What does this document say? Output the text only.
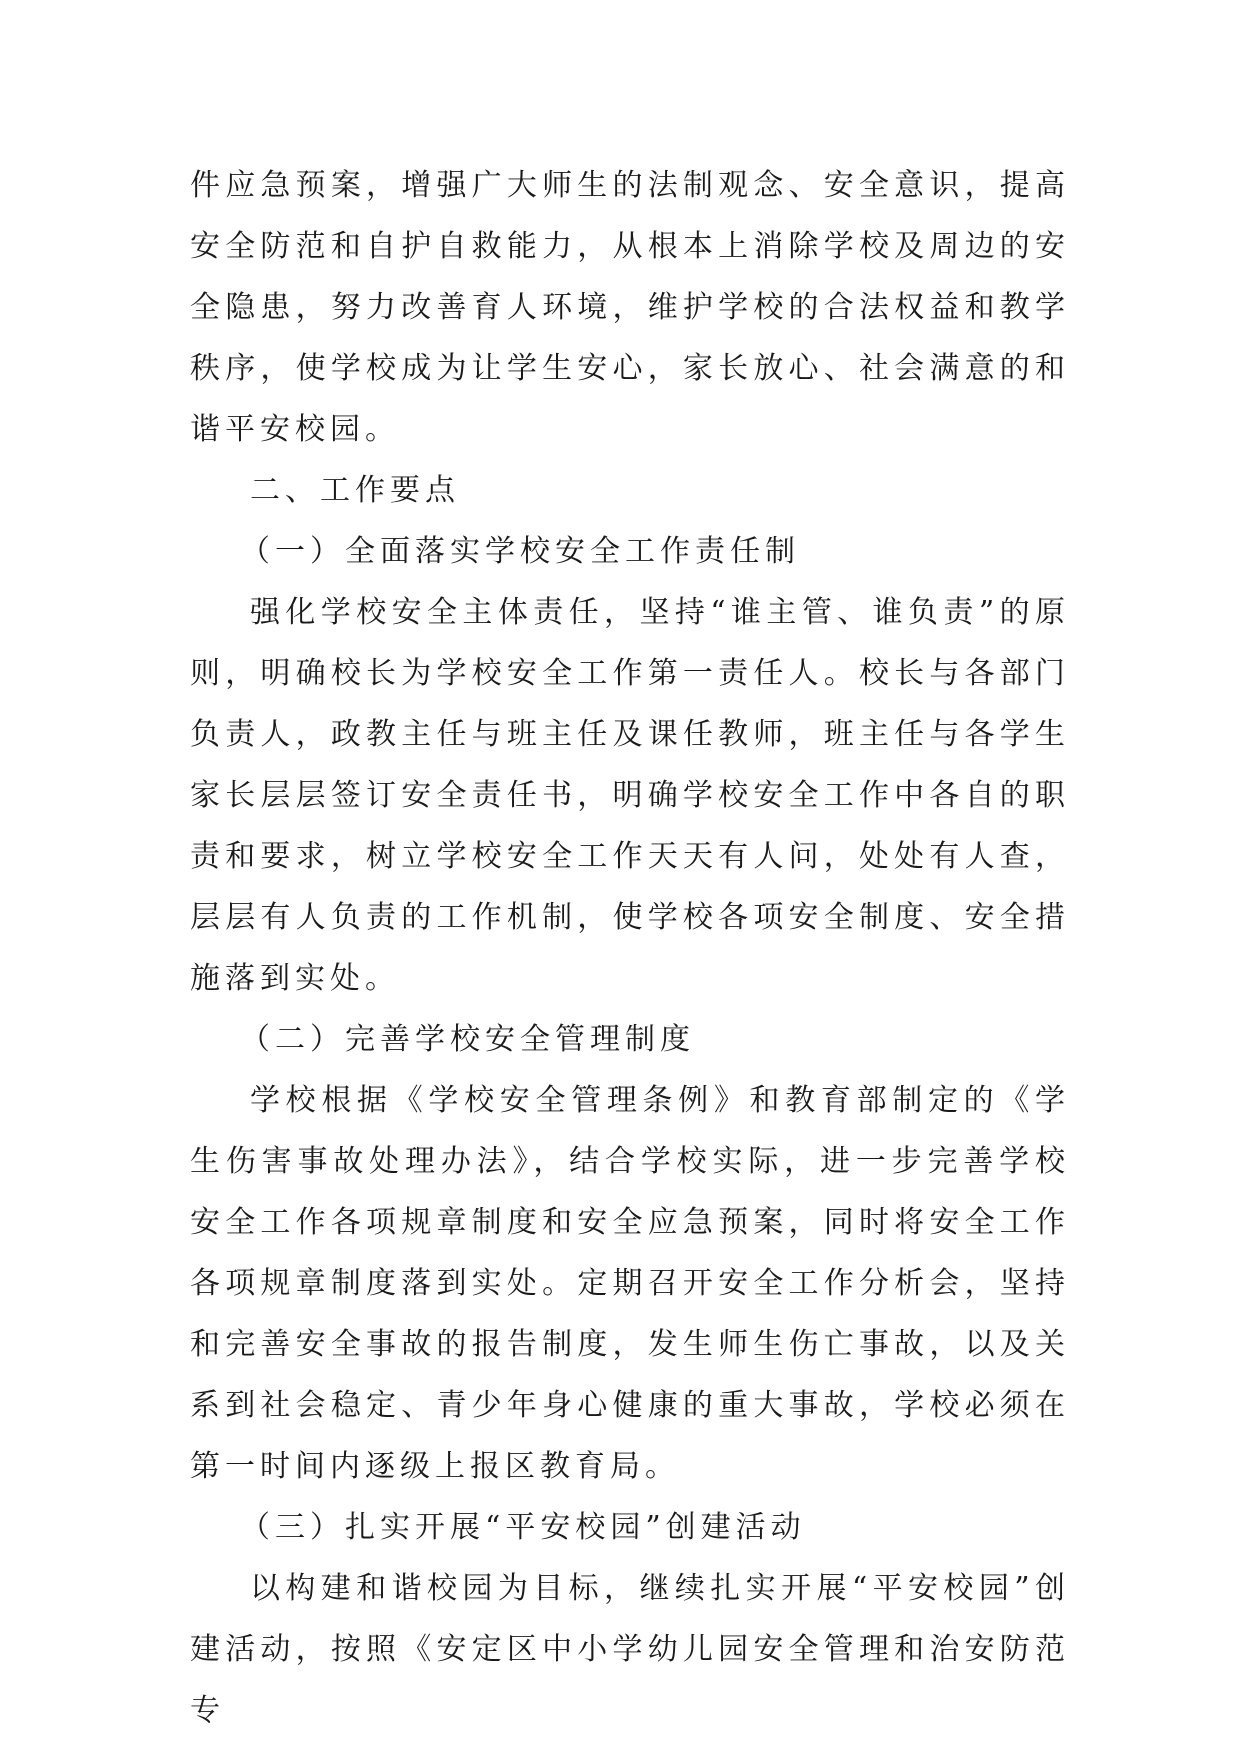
件应急预案，增强广大师生的法制观念、安全意识，提高安全防范和自护自救能力，从根本上消除学校及周边的安全隐患，努力改善育人环境，维护学校的合法权益和教学秩序，使学校成为让学生安心，家长放心、社会满意的和谐平安校园。

二、工作要点

（一）全面落实学校安全工作责任制

强化学校安全主体责任，坚持“谁主管、谁负责”的原则，明确校长为学校安全工作第一责任人。校长与各部门负责人，政教主任与班主任及课任教师，班主任与各学生家长层层签订安全责任书，明确学校安全工作中各自的职责和要求，树立学校安全工作天天有人问，处处有人查，层层有人负责的工作机制，使学校各项安全制度、安全措施落到实处。

（二）完善学校安全管理制度

学校根据《学校安全管理条例》和教育部制定的《学生伤害事故处理办法》，结合学校实际，进一步完善学校安全工作各项规章制度和安全应急预案，同时将安全工作各项规章制度落到实处。定期召开安全工作分析会，坚持和完善安全事故的报告制度，发生师生伤亡事故，以及关系到社会稳定、青少年身心健康的重大事故，学校必须在第一时间内逐级上报区教育局。

（三）扎实开展“平安校园”创建活动

以构建和谐校园为目标，继续扎实开展“平安校园”创建活动，按照《安定区中小学幼儿园安全管理和治安防范专
